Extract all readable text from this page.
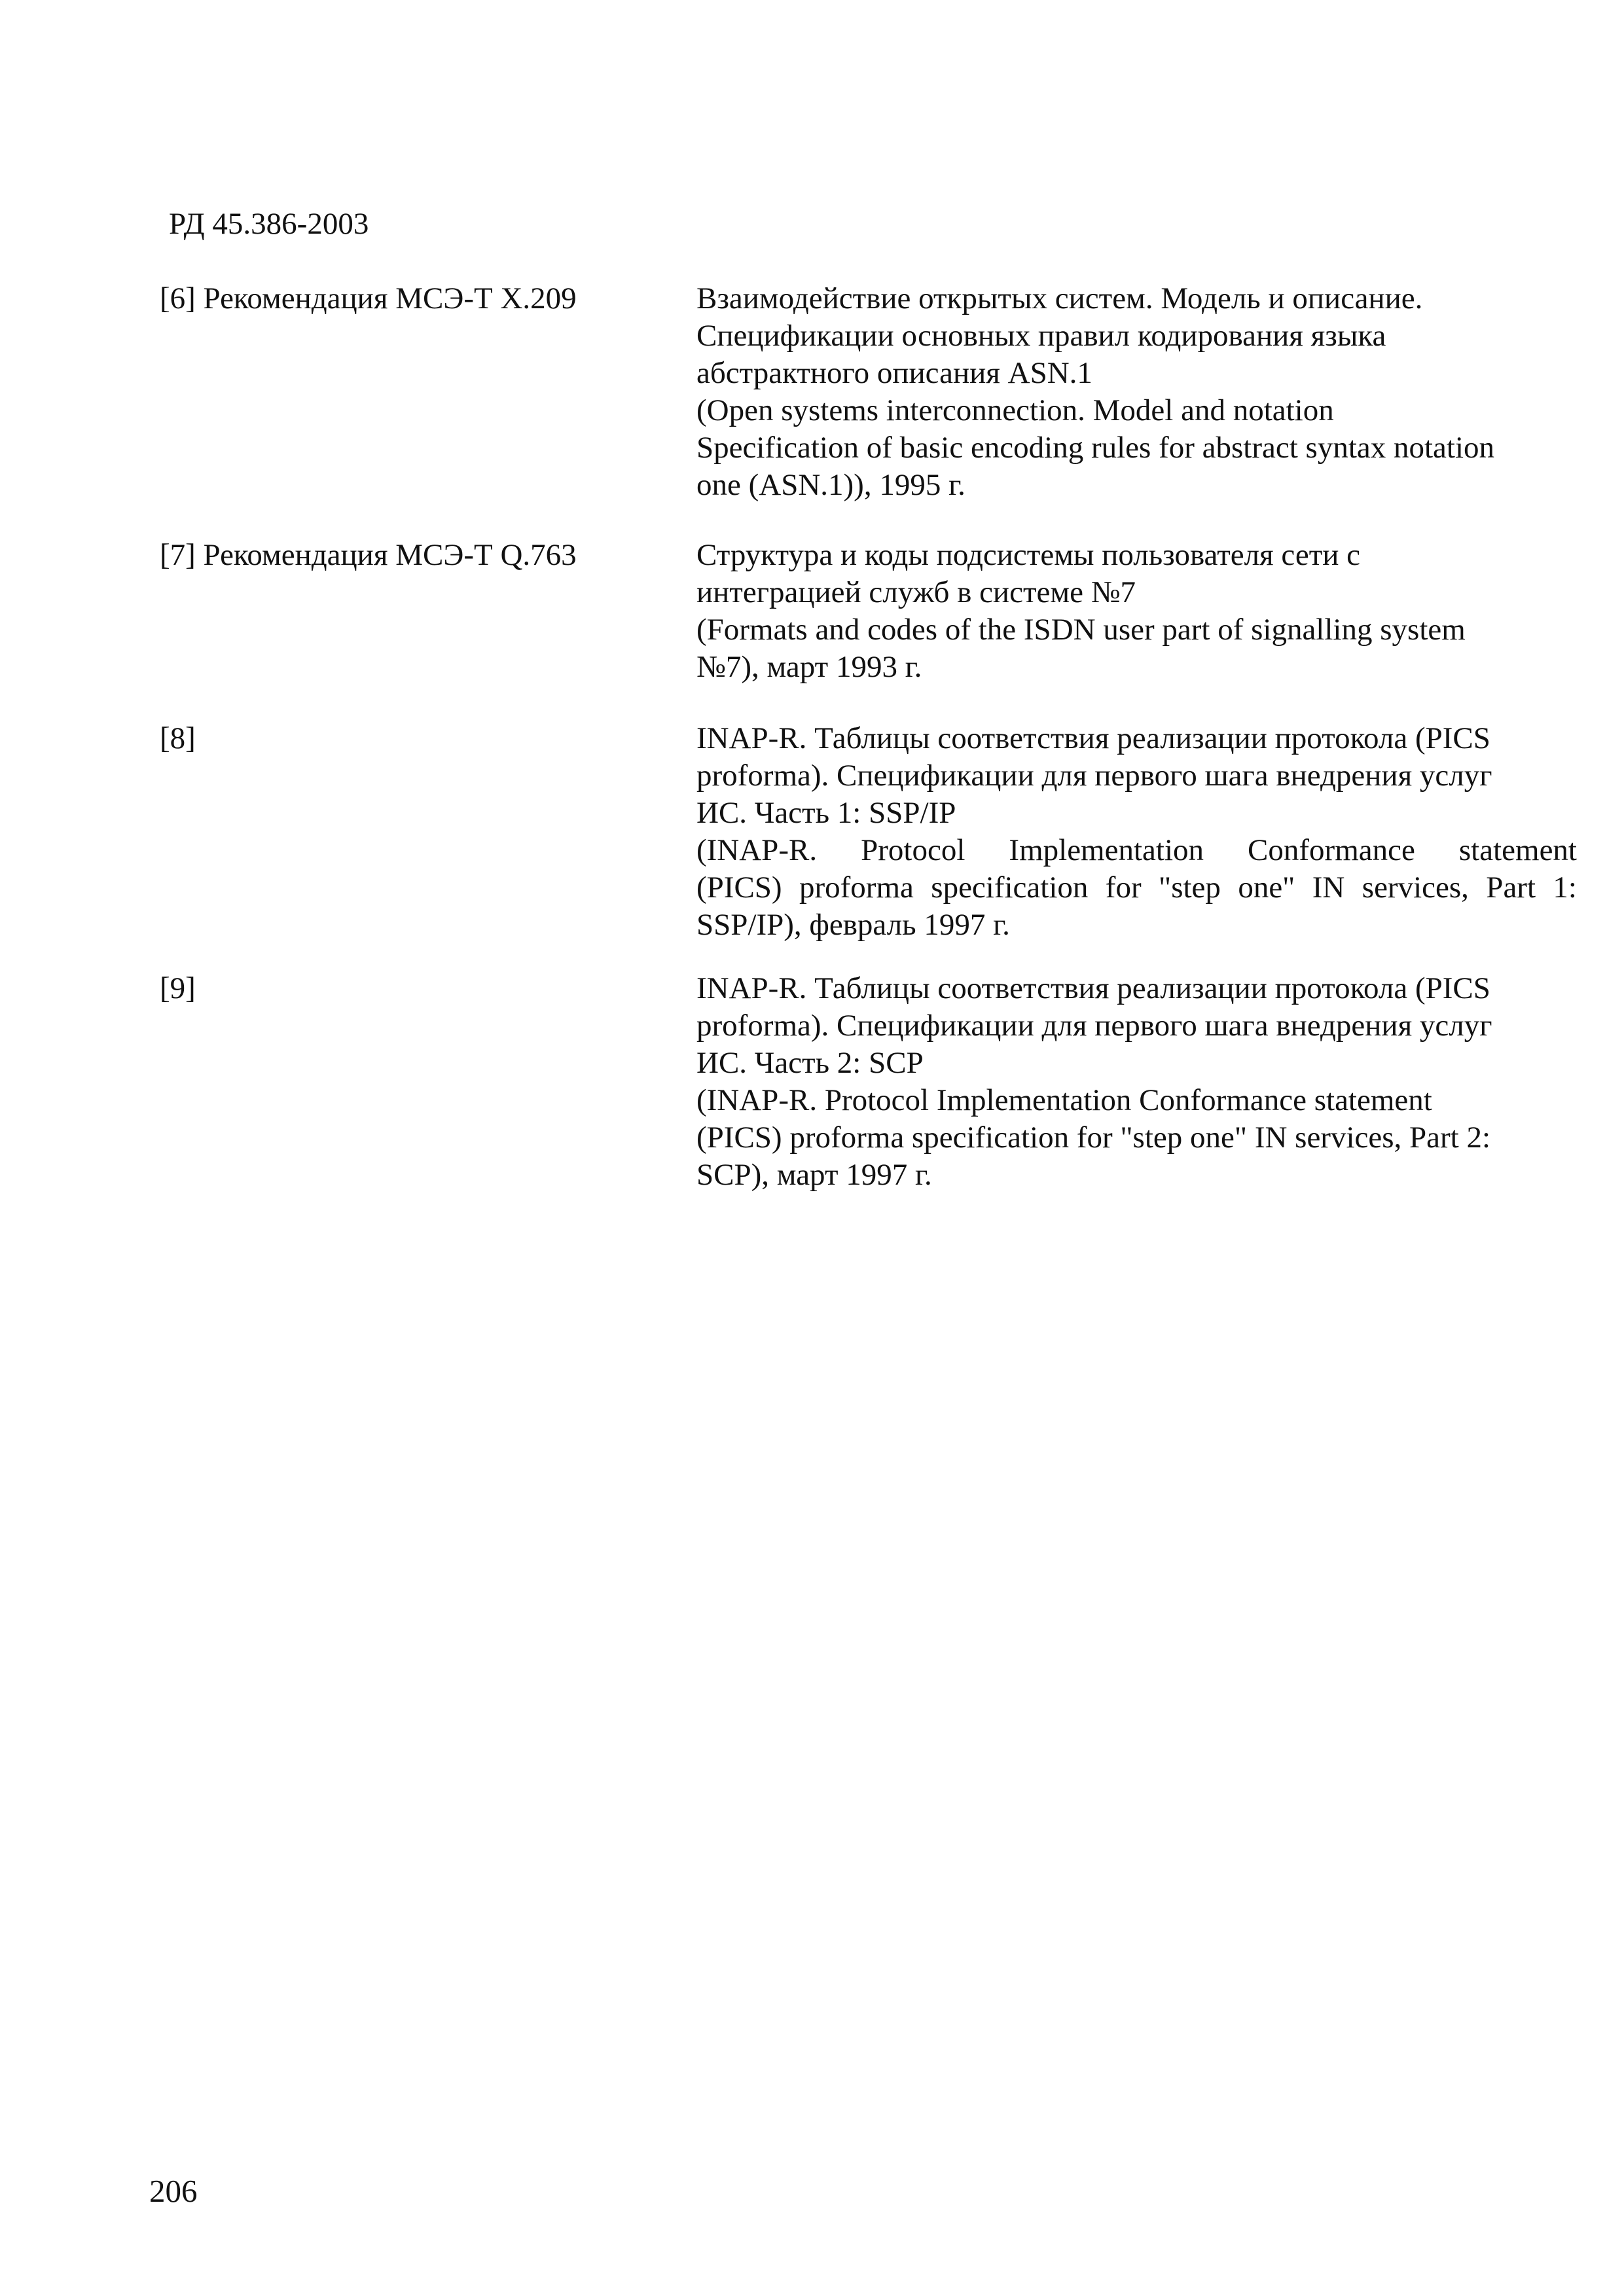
РД 45.386-2003
[6] Рекомендация МСЭ-Т Х.209	Взаимодействие открытых систем. Модель и описание.
Спецификации основных правил кодирования языка
абстрактного описания ASN.1
(Open systems interconnection. Model and notation
Specification of basic encoding rules for abstract syntax notation
one (ASN.1)), 1995 г.
[7] Рекомендация МСЭ-Т Q.763	Структура и коды подсистемы пользователя сети с
интеграцией служб в системе №7
(Formats and codes of the ISDN user part of signalling system
№7), март 1993 г.
[8]	INAP-R. Таблицы соответствия реализации протокола (PICS
proforma). Спецификации для первого шага внедрения услуг
ИС. Часть 1: SSP/IP
(INAP-R. Protocol Implementation Conformance statement
(PICS) proforma specification for "step one" IN services, Part 1:
SSP/IP), февраль 1997 г.
[9]	INAP-R. Таблицы соответствия реализации протокола (PICS
proforma). Спецификации для первого шага внедрения услуг
ИС. Часть 2: SCP
(INAP-R. Protocol Implementation Conformance statement
(PICS) proforma specification for "step one" IN services, Part 2:
SCP), март 1997 г.
206
